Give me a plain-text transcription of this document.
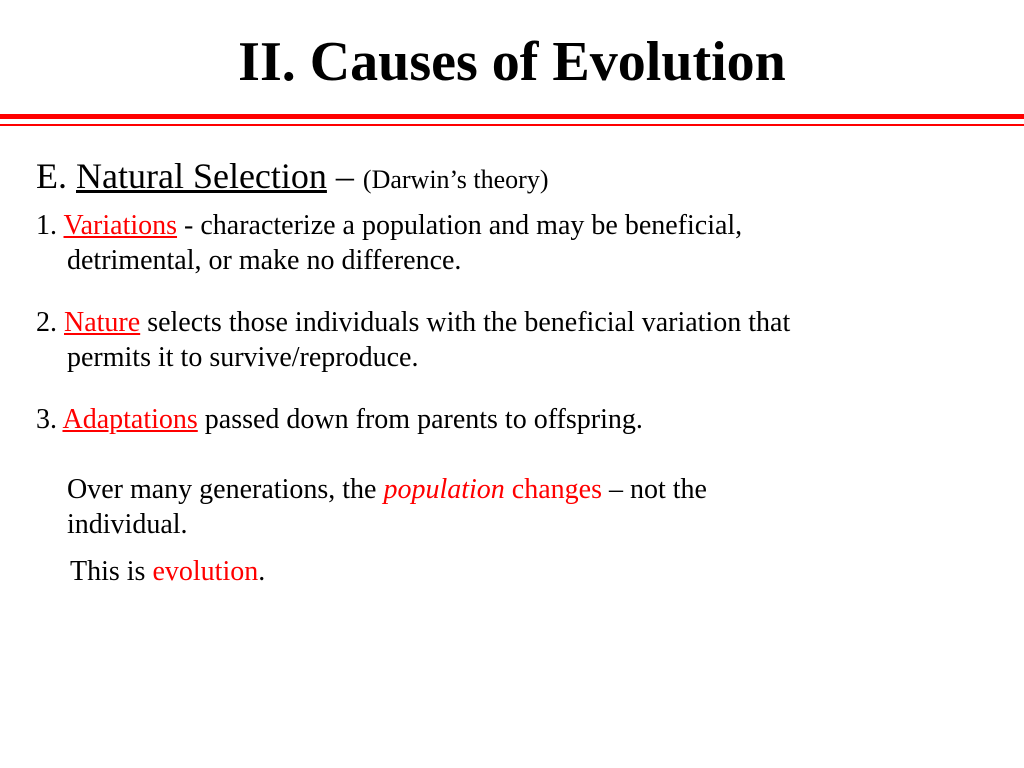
II. Causes of Evolution
E. Natural Selection – (Darwin’s theory)
1. Variations - characterize a population and may be beneficial,
detrimental, or make no difference.
2. Nature selects those individuals with the beneficial variation that
permits it to survive/reproduce.
3. Adaptations passed down from parents to offspring.
Over many generations, the population changes – not the
individual.
This is evolution.
